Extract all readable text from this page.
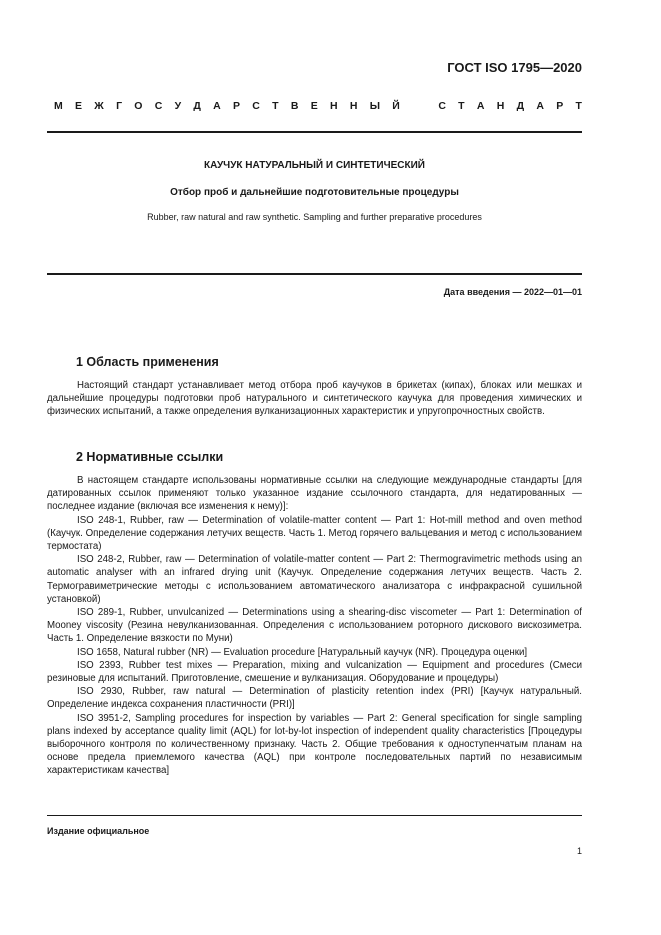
ГОСТ ISO 1795—2020
М Е Ж Г О С У Д А Р С Т В Е Н Н Ы Й
	С Т А Н Д А Р Т
КАУЧУК НАТУРАЛЬНЫЙ И СИНТЕТИЧЕСКИЙ
Отбор проб и дальнейшие подготовительные процедуры
Rubber, raw natural and raw synthetic. Sampling and further preparative procedures
Дата введения — 2022—01—01
1 Область применения

Настоящий стандарт устанавливает метод отбора проб каучуков в брикетах (кипах), блоках или мешках и дальнейшие процедуры подготовки проб натурального и синтетического каучука для проведения химических и физических испытаний, а также определения вулканизационных характеристик и упругопрочностных свойств.

2 Нормативные ссылки

В настоящем стандарте использованы нормативные ссылки на следующие международные стандарты [для датированных ссылок применяют только указанное издание ссылочного стандарта, для недатированных — последнее издание (включая все изменения к нему)]:

ISO 248-1, Rubber, raw — Determination of volatile-matter content — Part 1: Hot-mill method and oven method (Каучук. Определение содержания летучих веществ. Часть 1. Метод горячего вальцевания и метод с использованием термостата)

ISO 248-2, Rubber, raw — Determination of volatile-matter content — Part 2: Thermogravimetric methods using an automatic analyser with an infrared drying unit (Каучук. Определение содержания летучих веществ. Часть 2. Термогравиметрические методы с использованием автоматического анализатора с инфракрасной сушильной установкой)

ISO 289-1, Rubber, unvulcanized — Determinations using a shearing-disc viscometer — Part 1: Determination of Mooney viscosity (Резина невулканизованная. Определения с использованием роторного дискового вискозиметра. Часть 1. Определение вязкости по Муни)

ISO 1658, Natural rubber (NR) — Evaluation procedure [Натуральный каучук (NR). Процедура оценки]

ISO 2393, Rubber test mixes — Preparation, mixing and vulcanization — Equipment and procedures (Смеси резиновые для испытаний. Приготовление, смешение и вулканизация. Оборудование и процедуры)

ISO 2930, Rubber, raw natural — Determination of plasticity retention index (PRI) [Каучук натуральный. Определение индекса сохранения пластичности (PRI)]

ISO 3951-2, Sampling procedures for inspection by variables — Part 2: General specification for single sampling plans indexed by acceptance quality limit (AQL) for lot-by-lot inspection of independent quality characteristics [Процедуры выборочного контроля по количественному признаку. Часть 2. Общие требования к одноступенчатым планам на основе предела приемлемого качества (AQL) при контроле последовательных партий по независимым характеристикам качества]

Издание официальное
1
